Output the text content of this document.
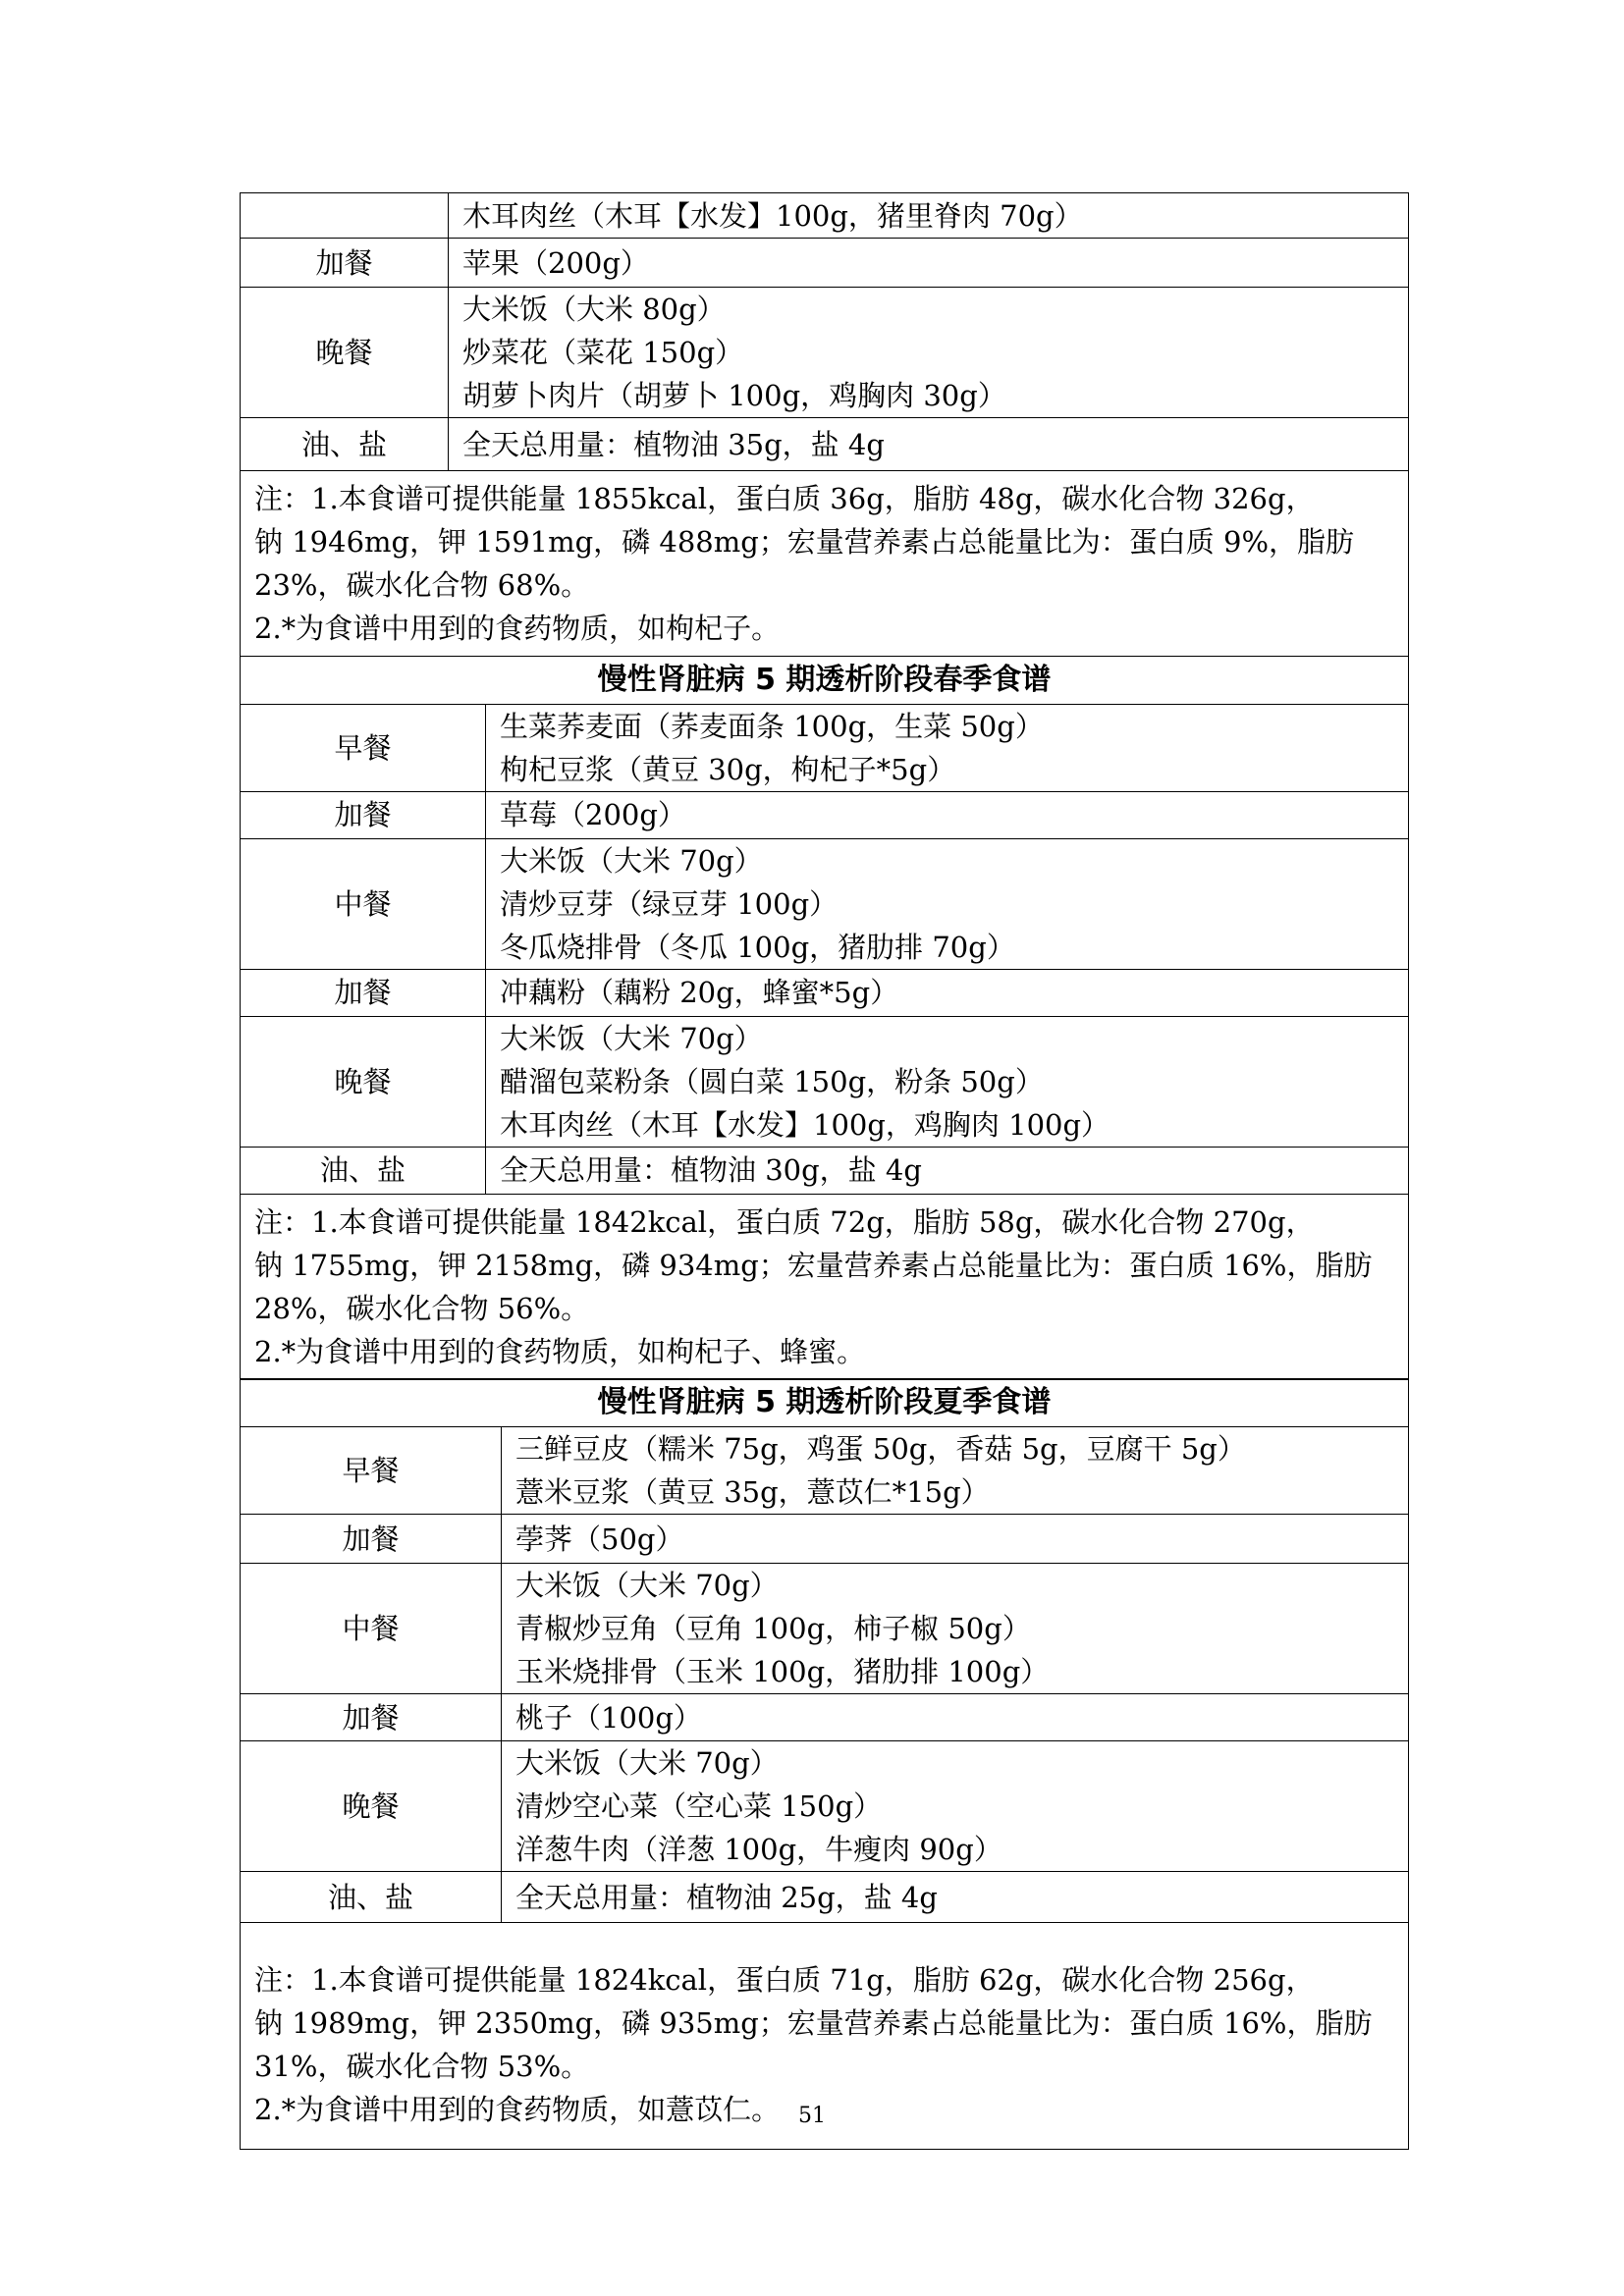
	木耳肉丝（木耳【水发】100g，猪里脊肉 70g）

加餐	苹果（200g）

晚餐	大米饭（大米 80g）
炒菜花（菜花 150g）
胡萝卜肉片（胡萝卜 100g，鸡胸肉 30g）

油、盐	全天总用量：植物油 35g，盐 4g

注：1.本食谱可提供能量 1855kcal，蛋白质 36g，脂肪 48g，碳水化合物 326g，
钠 1946mg，钾 1591mg，磷 488mg；宏量营养素占总能量比为：蛋白质 9%，脂肪
23%，碳水化合物 68%。
2.*为食谱中用到的食药物质，如枸杞子。	
慢性肾脏病 5 期透析阶段春季食谱	
早餐	生菜荞麦面（荞麦面条 100g，生菜 50g）
枸杞豆浆（黄豆 30g，枸杞子*5g）

加餐	草莓（200g）

中餐	大米饭（大米 70g）
清炒豆芽（绿豆芽 100g）
冬瓜烧排骨（冬瓜 100g，猪肋排 70g）

加餐	冲藕粉（藕粉 20g，蜂蜜*5g）

晚餐	大米饭（大米 70g）
醋溜包菜粉条（圆白菜 150g，粉条 50g）
木耳肉丝（木耳【水发】100g，鸡胸肉 100g）

油、盐	全天总用量：植物油 30g，盐 4g

注：1.本食谱可提供能量 1842kcal，蛋白质 72g，脂肪 58g，碳水化合物 270g，
钠 1755mg，钾 2158mg，磷 934mg；宏量营养素占总能量比为：蛋白质 16%，脂肪
28%，碳水化合物 56%。
2.*为食谱中用到的食药物质，如枸杞子、蜂蜜。	
慢性肾脏病 5 期透析阶段夏季食谱	
早餐	三鲜豆皮（糯米 75g，鸡蛋 50g，香菇 5g，豆腐干 5g）
薏米豆浆（黄豆 35g，薏苡仁*15g）

加餐	荸荠（50g）

中餐	大米饭（大米 70g）
青椒炒豆角（豆角 100g，柿子椒 50g）
玉米烧排骨（玉米 100g，猪肋排 100g）

加餐	桃子（100g）

晚餐	大米饭（大米 70g）
清炒空心菜（空心菜 150g）
洋葱牛肉（洋葱 100g，牛瘦肉 90g）

油、盐	全天总用量：植物油 25g，盐 4g

注：1.本食谱可提供能量 1824kcal，蛋白质 71g，脂肪 62g，碳水化合物 256g，
钠 1989mg，钾 2350mg，磷 935mg；宏量营养素占总能量比为：蛋白质 16%，脂肪
31%，碳水化合物 53%。
2.*为食谱中用到的食药物质，如薏苡仁。	51
